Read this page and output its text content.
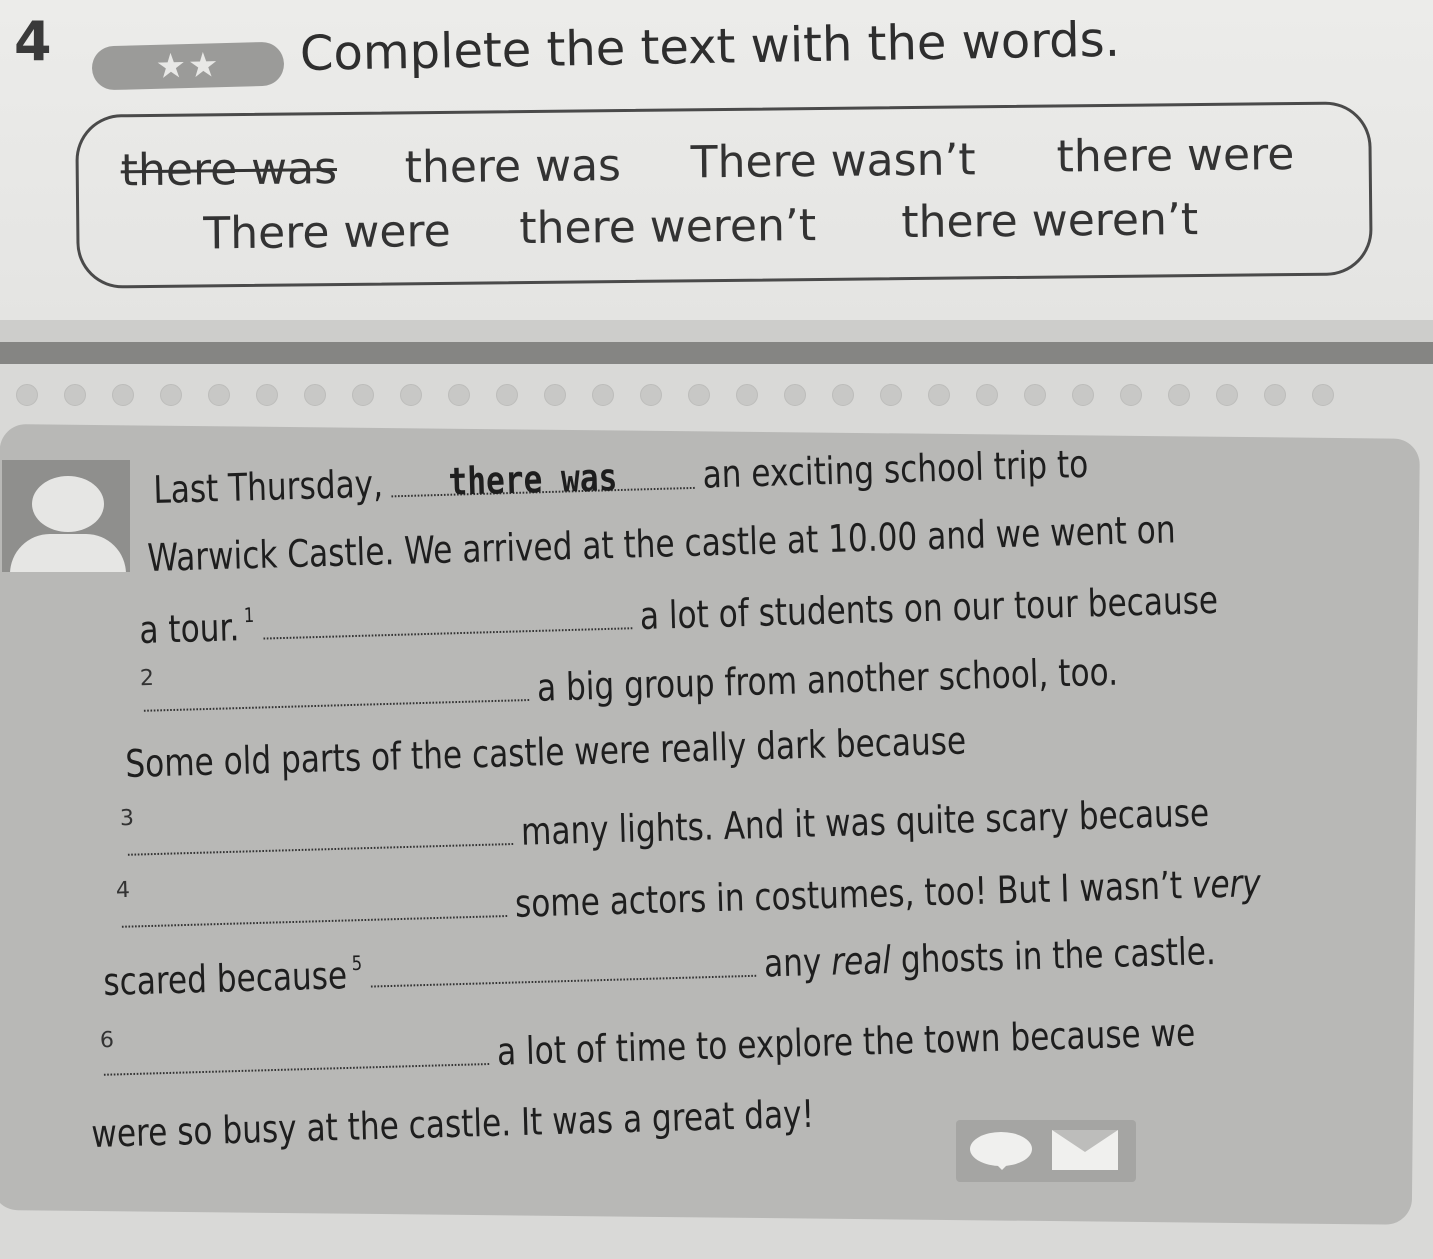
4	★★ Complete the text with the words.
there was there was There wasn’t there were
There were there weren’t there weren’t
Last Thursday, there was an exciting school trip to
Warwick Castle. We arrived at the castle at 10.00 and we went on
a tour. $^1$	a lot of students on our tour because
2	a big group from another school, too.
Some old parts of the castle were really dark because
3	many lights. And it was quite scary because
4	some actors in costumes, too! But I wasn’t very
scared because $^5$	any real ghosts in the castle.
6	a lot of time to explore the town because we
were so busy at the castle. It was a great day!
